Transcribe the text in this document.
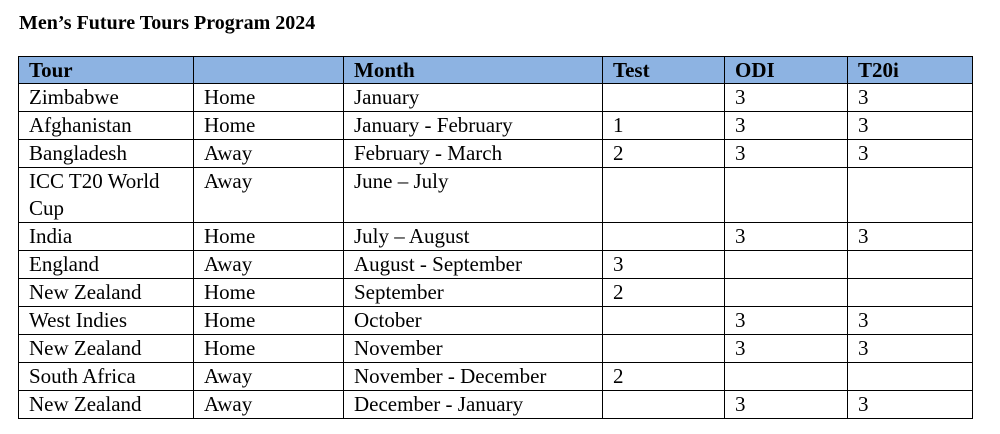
Men’s Future Tours Program 2024
Tour		Month	Test	ODI	T20i
Zimbabwe	Home	January		3	3
Afghanistan	Home	January - February	1	3	3
Bangladesh	Away	February - March	2	3	3
ICC T20 World Cup	Away	June – July			
India	Home	July – August		3	3
England	Away	August - September	3		
New Zealand	Home	September	2		
West Indies	Home	October		3	3
New Zealand	Home	November		3	3
South Africa	Away	November - December	2		
New Zealand	Away	December - January		3	3
